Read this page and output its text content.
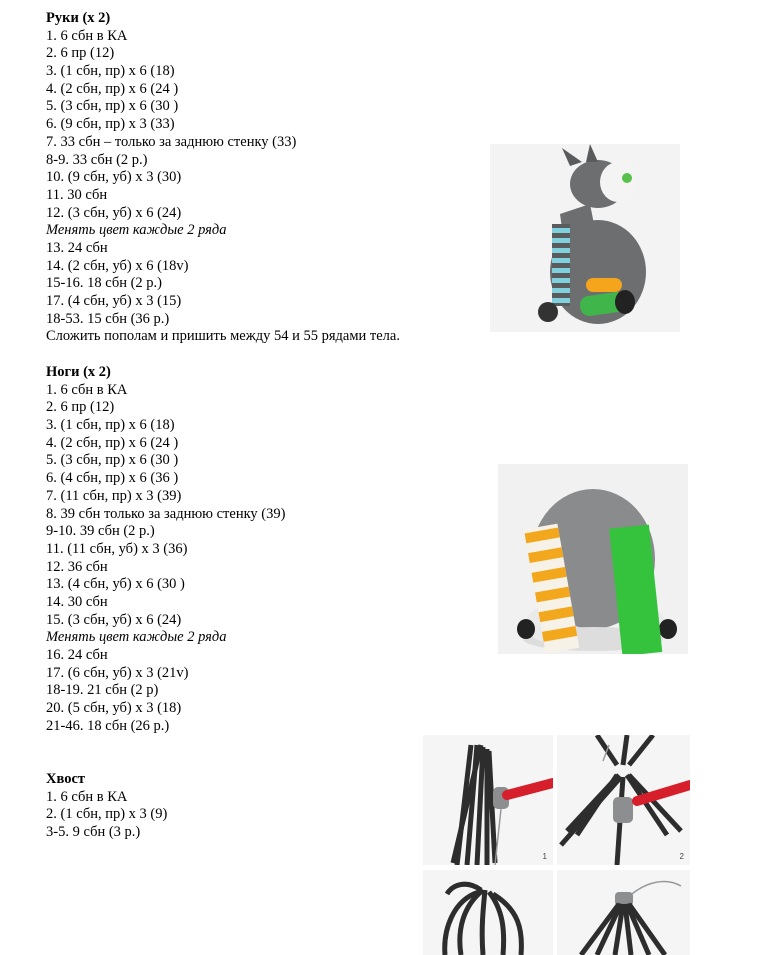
Руки (х 2)
1. 6 сбн в КА
2. 6 пр (12)
3. (1 сбн, пр) х 6 (18)
4. (2 сбн, пр) х 6 (24 )
5. (3 сбн, пр) х 6 (30 )
6. (9 сбн, пр) х 3 (33)
7. 33 сбн – только за заднюю стенку (33)
8-9. 33 сбн (2 р.)
10. (9 сбн, уб) х 3 (30)
11. 30 сбн
12. (3 сбн, уб) х 6 (24)
Менять цвет каждые 2 ряда
13. 24 сбн
14. (2 сбн, уб) х 6 (18v)
15-16. 18 сбн (2 р.)
17. (4 сбн, уб) х 3 (15)
18-53. 15 сбн (36 р.)
Сложить пополам и пришить между 54 и 55 рядами тела.
Ноги (х 2)
1. 6 сбн в КА
2. 6 пр (12)
3. (1 сбн, пр) х 6 (18)
4. (2 сбн, пр) х 6 (24 )
5. (3 сбн, пр) х 6 (30 )
6. (4 сбн, пр) х 6 (36 )
7. (11 сбн, пр) х 3 (39)
8. 39 сбн только за заднюю стенку (39)
9-10. 39 сбн (2 р.)
11. (11 сбн, уб) х 3 (36)
12. 36 сбн
13. (4 сбн, уб) х 6 (30 )
14. 30 сбн
15. (3 сбн, уб) х 6 (24)
Менять цвет каждые 2 ряда
16. 24 сбн
17. (6 сбн, уб) х 3 (21v)
18-19. 21 сбн (2 р)
20. (5 сбн, уб) х 3 (18)
21-46. 18 сбн (26 р.)
Хвост
1. 6 сбн в КА
2. (1 сбн, пр) х 3 (9)
3-5. 9 сбн (3 р.)
1	2
